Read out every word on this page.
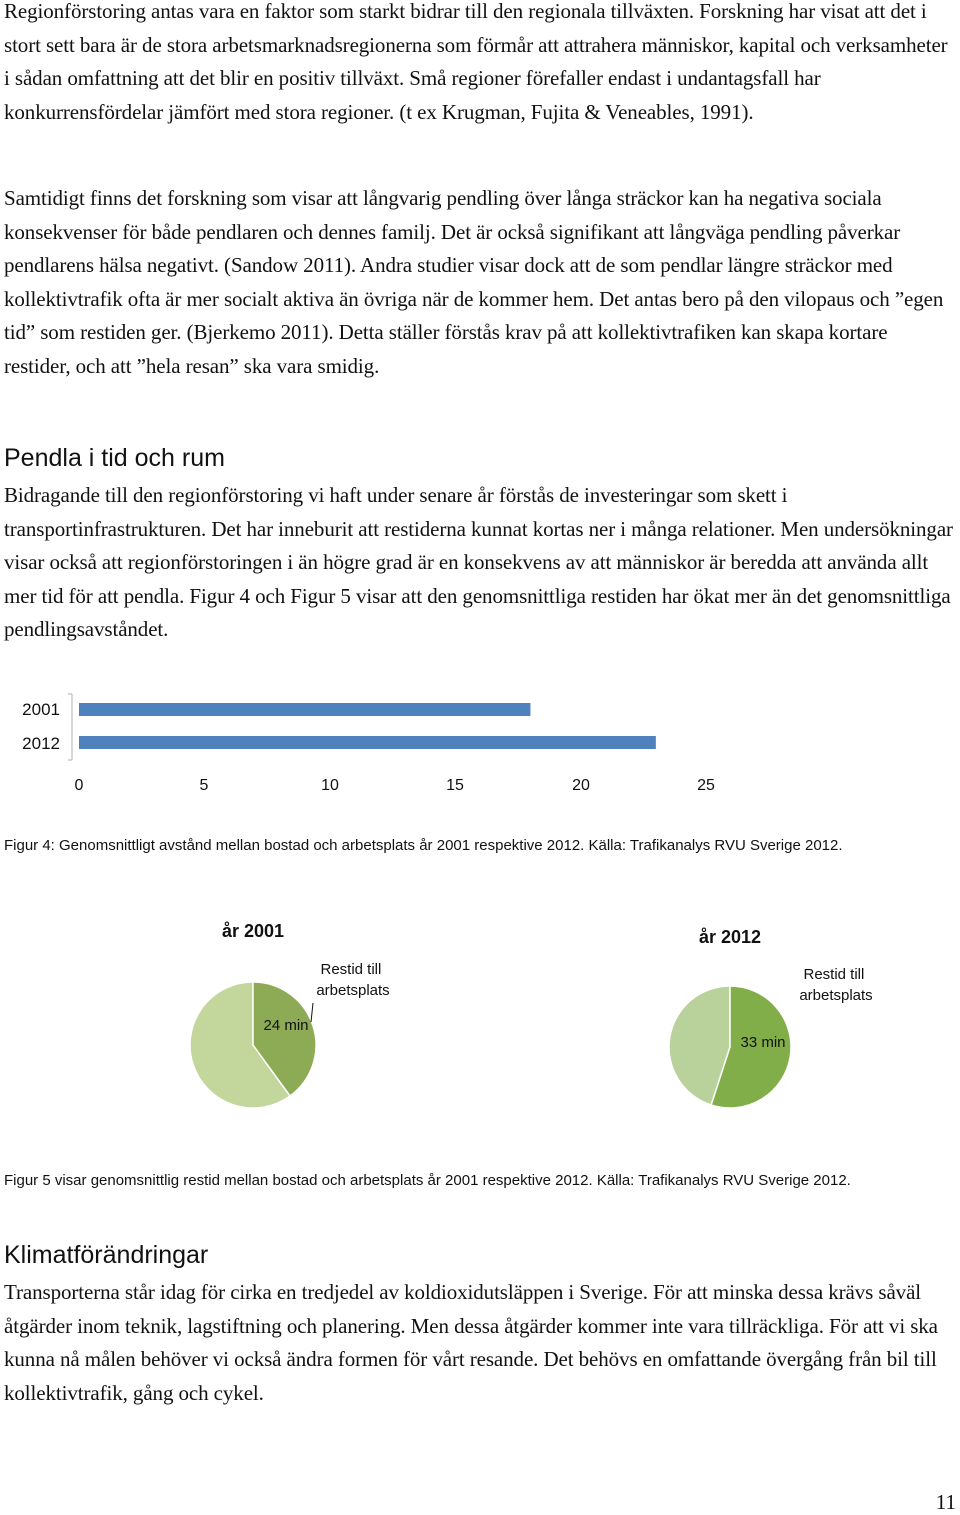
Regionförstoring antas vara en faktor som starkt bidrar till den regionala tillväxten. Forskning har visat att det i stort sett bara är de stora arbetsmarknadsregionerna som förmår att attrahera människor, kapital och verksamheter i sådan omfattning att det blir en positiv tillväxt. Små regioner förefaller endast i undantagsfall har konkurrensfördelar jämfört med stora regioner. (t ex Krugman, Fujita & Veneables, 1991).

Samtidigt finns det forskning som visar att långvarig pendling över långa sträckor kan ha negativa sociala konsekvenser för både pendlaren och dennes familj. Det är också signifikant att långväga pendling påverkar pendlarens hälsa negativt. (Sandow 2011). Andra studier visar dock att de som pendlar längre sträckor med kollektivtrafik ofta är mer socialt aktiva än övriga när de kommer hem. Det antas bero på den vilopaus och ”egen tid” som restiden ger. (Bjerkemo 2011). Detta ställer förstås krav på att kollektivtrafiken kan skapa kortare restider, och att ”hela resan” ska vara smidig.

Pendla i tid och rum

Bidragande till den regionförstoring vi haft under senare år förstås de investeringar som skett i transportinfrastrukturen. Det har inneburit att restiderna kunnat kortas ner i många relationer. Men undersökningar visar också att regionförstoringen i än högre grad är en konsekvens av att människor är beredda att använda allt mer tid för att pendla. Figur 4 och Figur 5 visar att den genomsnittliga restiden har ökat mer än det genomsnittliga pendlingsavståndet.

2001
2012
0	5	10	15	20	25

Figur 4: Genomsnittligt avstånd mellan bostad och arbetsplats år 2001 respektive 2012. Källa: Trafikanalys RVU Sverige 2012.

år 2001
24 min
Restid till arbetsplats
år 2012
33 min
Restid till arbetsplats

Figur 5 visar genomsnittlig restid mellan bostad och arbetsplats år 2001 respektive 2012. Källa: Trafikanalys RVU Sverige 2012.

Klimatförändringar

Transporterna står idag för cirka en tredjedel av koldioxidutsläppen i Sverige. För att minska dessa krävs såväl åtgärder inom teknik, lagstiftning och planering. Men dessa åtgärder kommer inte vara tillräckliga. För att vi ska kunna nå målen behöver vi också ändra formen för vårt resande. Det behövs en omfattande övergång från bil till kollektivtrafik, gång och cykel.

11
